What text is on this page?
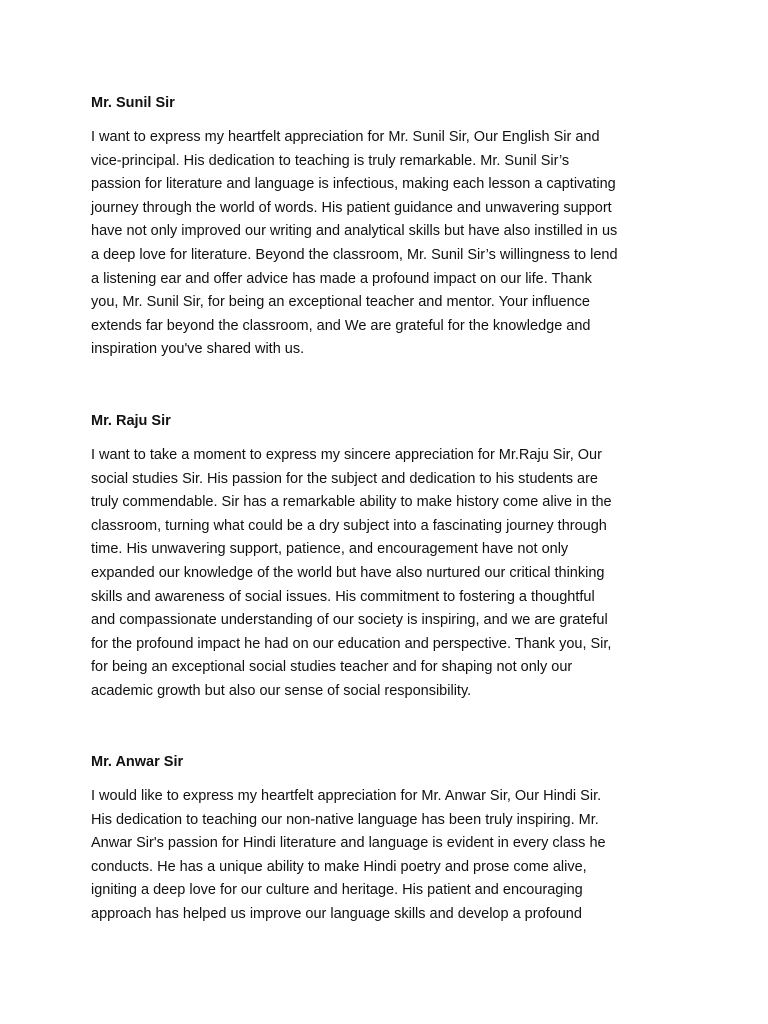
Mr. Sunil Sir
I want to express my heartfelt appreciation for Mr. Sunil Sir, Our English Sir and
vice-principal. His dedication to teaching is truly remarkable. Mr. Sunil Sir’s
passion for literature and language is infectious, making each lesson a captivating
journey through the world of words. His patient guidance and unwavering support
have not only improved our writing and analytical skills but have also instilled in us
a deep love for literature. Beyond the classroom, Mr. Sunil Sir’s willingness to lend
a listening ear and offer advice has made a profound impact on our life. Thank
you, Mr. Sunil Sir, for being an exceptional teacher and mentor. Your influence
extends far beyond the classroom, and We are grateful for the knowledge and
inspiration you've shared with us.
Mr. Raju Sir
I want to take a moment to express my sincere appreciation for Mr.Raju Sir, Our
social studies Sir. His passion for the subject and dedication to his students are
truly commendable. Sir has a remarkable ability to make history come alive in the
classroom, turning what could be a dry subject into a fascinating journey through
time. His unwavering support, patience, and encouragement have not only
expanded our knowledge of the world but have also nurtured our critical thinking
skills and awareness of social issues. His commitment to fostering a thoughtful
and compassionate understanding of our society is inspiring, and we are grateful
for the profound impact he had on our education and perspective. Thank you, Sir,
for being an exceptional social studies teacher and for shaping not only our
academic growth but also our sense of social responsibility.
Mr. Anwar Sir
I would like to express my heartfelt appreciation for Mr. Anwar Sir, Our Hindi Sir.
His dedication to teaching our non-native language has been truly inspiring. Mr.
Anwar Sir's passion for Hindi literature and language is evident in every class he
conducts. He has a unique ability to make Hindi poetry and prose come alive,
igniting a deep love for our culture and heritage. His patient and encouraging
approach has helped us improve our language skills and develop a profound
